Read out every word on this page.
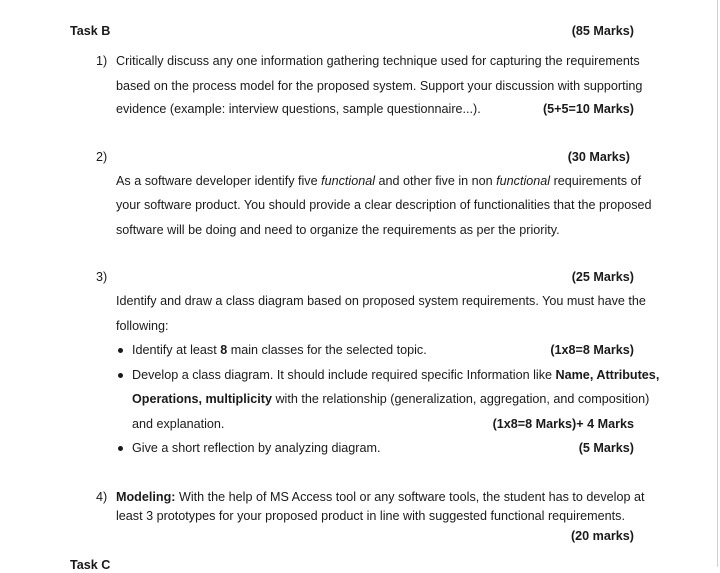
Task B	(85 Marks)
1) Critically discuss any one information gathering technique used for capturing the requirements
based on the process model for the proposed system. Support your discussion with supporting
evidence (example: interview questions, sample questionnaire...).	(5+5=10 Marks)
2)	(30 Marks)
As a software developer identify five functional and other five in non functional requirements of
your software product. You should provide a clear description of functionalities that the proposed
software will be doing and need to organize the requirements as per the priority.
3)	(25 Marks)
Identify and draw a class diagram based on proposed system requirements. You must have the
following:
Identify at least 8 main classes for the selected topic.	(1x8=8 Marks)
Develop a class diagram. It should include required specific Information like Name, Attributes,
Operations, multiplicity with the relationship (generalization, aggregation, and composition)
and explanation.	(1x8=8 Marks)+ 4 Marks
Give a short reflection by analyzing diagram.	(5 Marks)
4) Modeling: With the help of MS Access tool or any software tools, the student has to develop at
least 3 prototypes for your proposed product in line with suggested functional requirements.
(20 marks)
Task C
